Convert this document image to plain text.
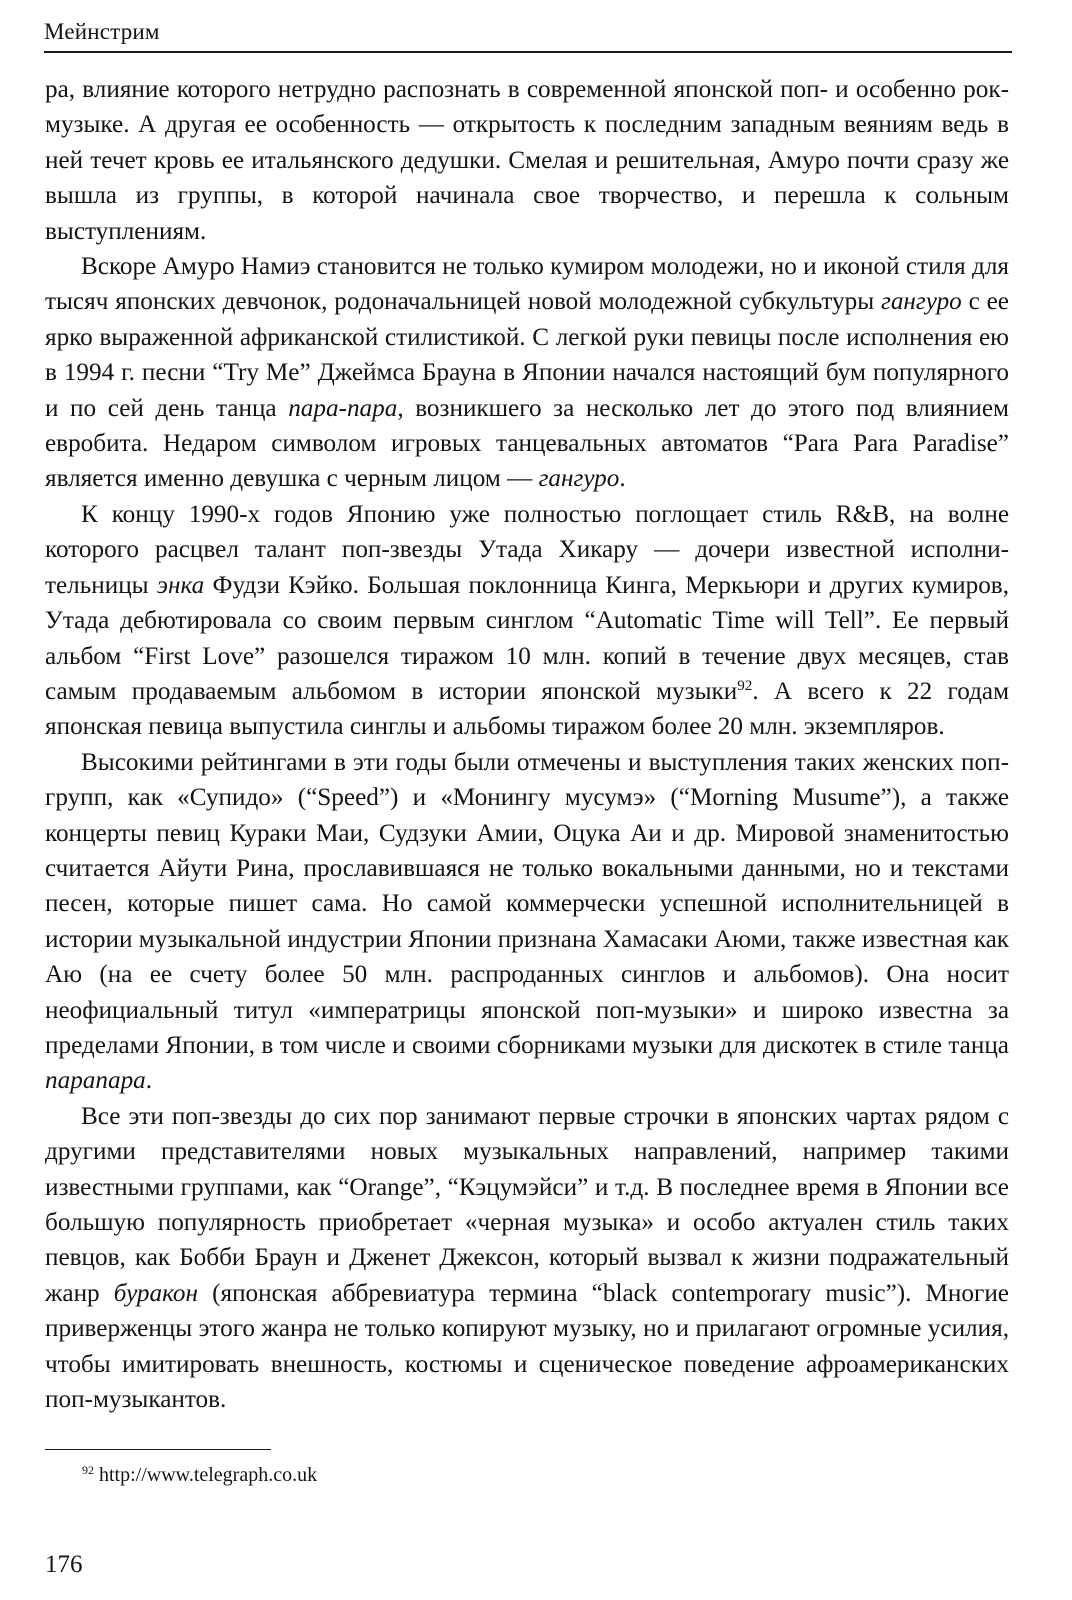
Мейнстрим

ра, влияние которого нетрудно распознать в современной японской поп- и особенно рок-музыке. А другая ее особенность — открытость к последним западным веяниям ведь в ней течет кровь ее итальянского дедушки. Смелая и решительная, Амуро почти сразу же вышла из группы, в которой начинала свое творчество, и перешла к сольным выступлениям.

Вскоре Амуро Намиэ становится не только кумиром молодежи, но и иконой стиля для тысяч японских девчонок, родоначальницей новой молодежной субкультуры гангуро с ее ярко выраженной африканской стилистикой. С легкой руки певицы после исполнения ею в 1994 г. песни “Try Me” Джеймса Брауна в Японии начался настоящий бум популярного и по сей день танца пара-пара, возникшего за несколько лет до этого под влиянием евробита. Недаром символом игровых танцевальных автоматов “Para Para Paradise” является именно девушка с черным лицом — гангуро.

К концу 1990-х годов Японию уже полностью поглощает стиль R&B, на волне которого расцвел талант поп-звезды Утада Хикару — дочери известной исполнительницы энка Фудзи Кэйко. Большая поклонница Кинга, Меркьюри и других кумиров, Утада дебютировала со своим первым синглом “Automatic Time will Tell”. Ее первый альбом “First Love” разошелся тиражом 10 млн. копий в течение двух месяцев, став самым продаваемым альбомом в истории японской музыки$^{92}$. А всего к 22 годам японская певица выпустила синглы и альбомы тиражом более 20 млн. экземпляров.

Высокими рейтингами в эти годы были отмечены и выступления таких женских поп-групп, как «Супидо» (“Speed”) и «Монингу мусумэ» (“Morning Musume”), а также концерты певиц Кураки Маи, Судзуки Амии, Оцука Аи и др. Мировой знаменитостью считается Айути Рина, прославившаяся не только вокальными данными, но и текстами песен, которые пишет сама. Но самой коммерчески успешной исполнительницей в истории музыкальной индустрии Японии признана Хамасаки Аюми, также известная как Аю (на ее счету более 50 млн. распроданных синглов и альбомов). Она носит неофициальный титул «императрицы японской поп-музыки» и широко известна за пределами Японии, в том числе и своими сборниками музыки для дискотек в стиле танца парапара.

Все эти поп-звезды до сих пор занимают первые строчки в японских чартах рядом с другими представителями новых музыкальных направлений, например такими известными группами, как “Orange”, “Кэцумэйси” и т.д. В последнее время в Японии все большую популярность приобретает «черная музыка» и особо актуален стиль таких певцов, как Бобби Браун и Дженет Джексон, который вызвал к жизни подражательный жанр буракон (японская аббревиатура термина “black contemporary music”). Многие приверженцы этого жанра не только копируют музыку, но и прилагают огромные усилия, чтобы имитировать внешность, костюмы и сценическое поведение афроамериканских поп-музыкантов.

$^{92}$ http://www.telegraph.co.uk
176
